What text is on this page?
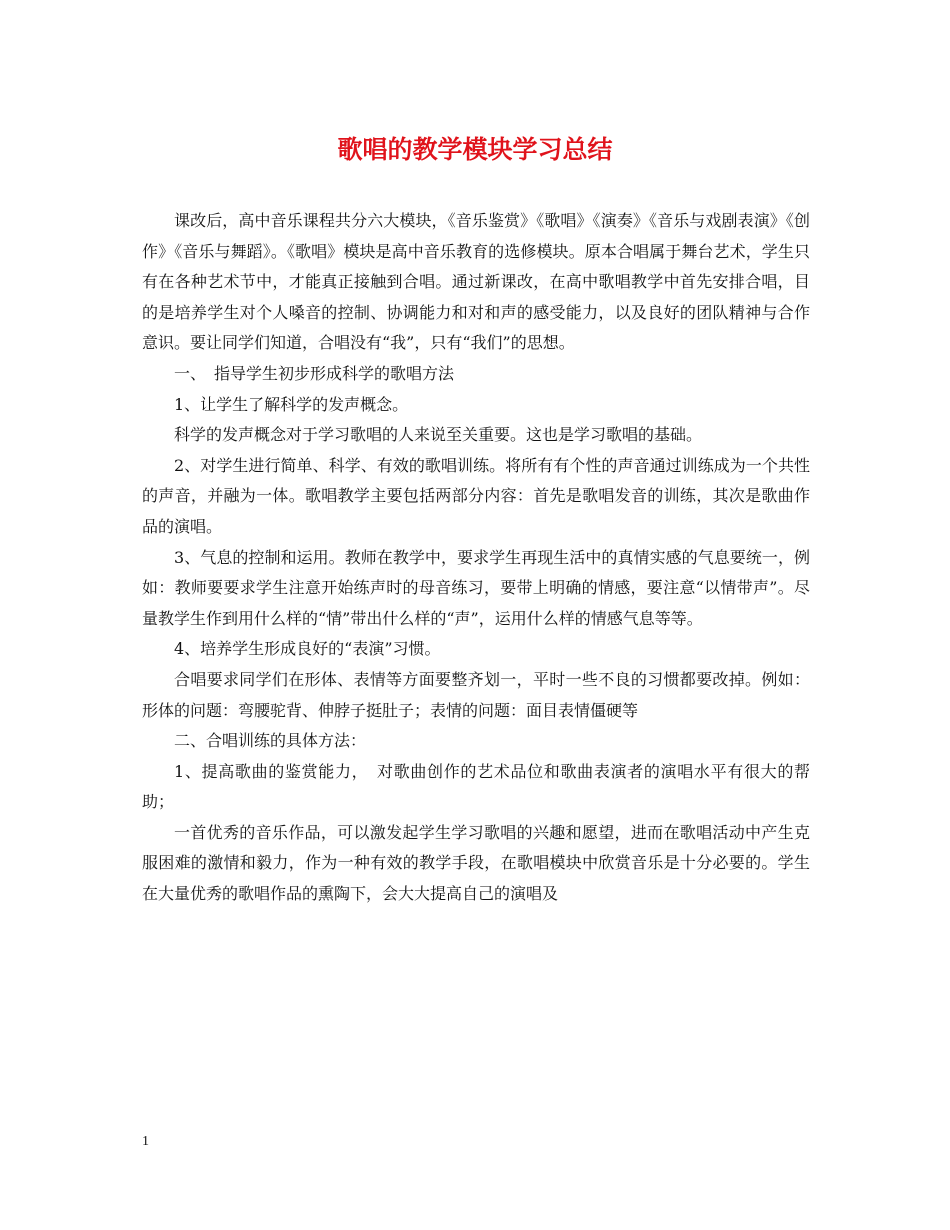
歌唱的教学模块学习总结

课改后，高中音乐课程共分六大模块，《音乐鉴赏》《歌唱》《演奏》《音乐与戏剧表演》《创作》《音乐与舞蹈》。《歌唱》模块是高中音乐教育的选修模块。原本合唱属于舞台艺术，学生只有在各种艺术节中，才能真正接触到合唱。通过新课改，在高中歌唱教学中首先安排合唱，目的是培养学生对个人嗓音的控制、协调能力和对和声的感受能力，以及良好的团队精神与合作意识。要让同学们知道，合唱没有“我”，只有“我们”的思想。

一、　指导学生初步形成科学的歌唱方法

1、让学生了解科学的发声概念。

科学的发声概念对于学习歌唱的人来说至关重要。这也是学习歌唱的基础。

2、对学生进行简单、科学、有效的歌唱训练。将所有有个性的声音通过训练成为一个共性的声音，并融为一体。歌唱教学主要包括两部分内容：首先是歌唱发音的训练，其次是歌曲作品的演唱。

3、气息的控制和运用。教师在教学中，要求学生再现生活中的真情实感的气息要统一，例如：教师要要求学生注意开始练声时的母音练习，要带上明确的情感，要注意“以情带声”。尽量教学生作到用什么样的“情”带出什么样的“声”，运用什么样的情感气息等等。

4、培养学生形成良好的“表演”习惯。

合唱要求同学们在形体、表情等方面要整齐划一，平时一些不良的习惯都要改掉。例如：形体的问题：弯腰驼背、伸脖子挺肚子；表情的问题：面目表情僵硬等

二、合唱训练的具体方法：

1、提高歌曲的鉴赏能力，　对歌曲创作的艺术品位和歌曲表演者的演唱水平有很大的帮助；

一首优秀的音乐作品，可以激发起学生学习歌唱的兴趣和愿望，进而在歌唱活动中产生克服困难的激情和毅力，作为一种有效的教学手段，在歌唱模块中欣赏音乐是十分必要的。学生在大量优秀的歌唱作品的熏陶下，会大大提高自己的演唱及

1
